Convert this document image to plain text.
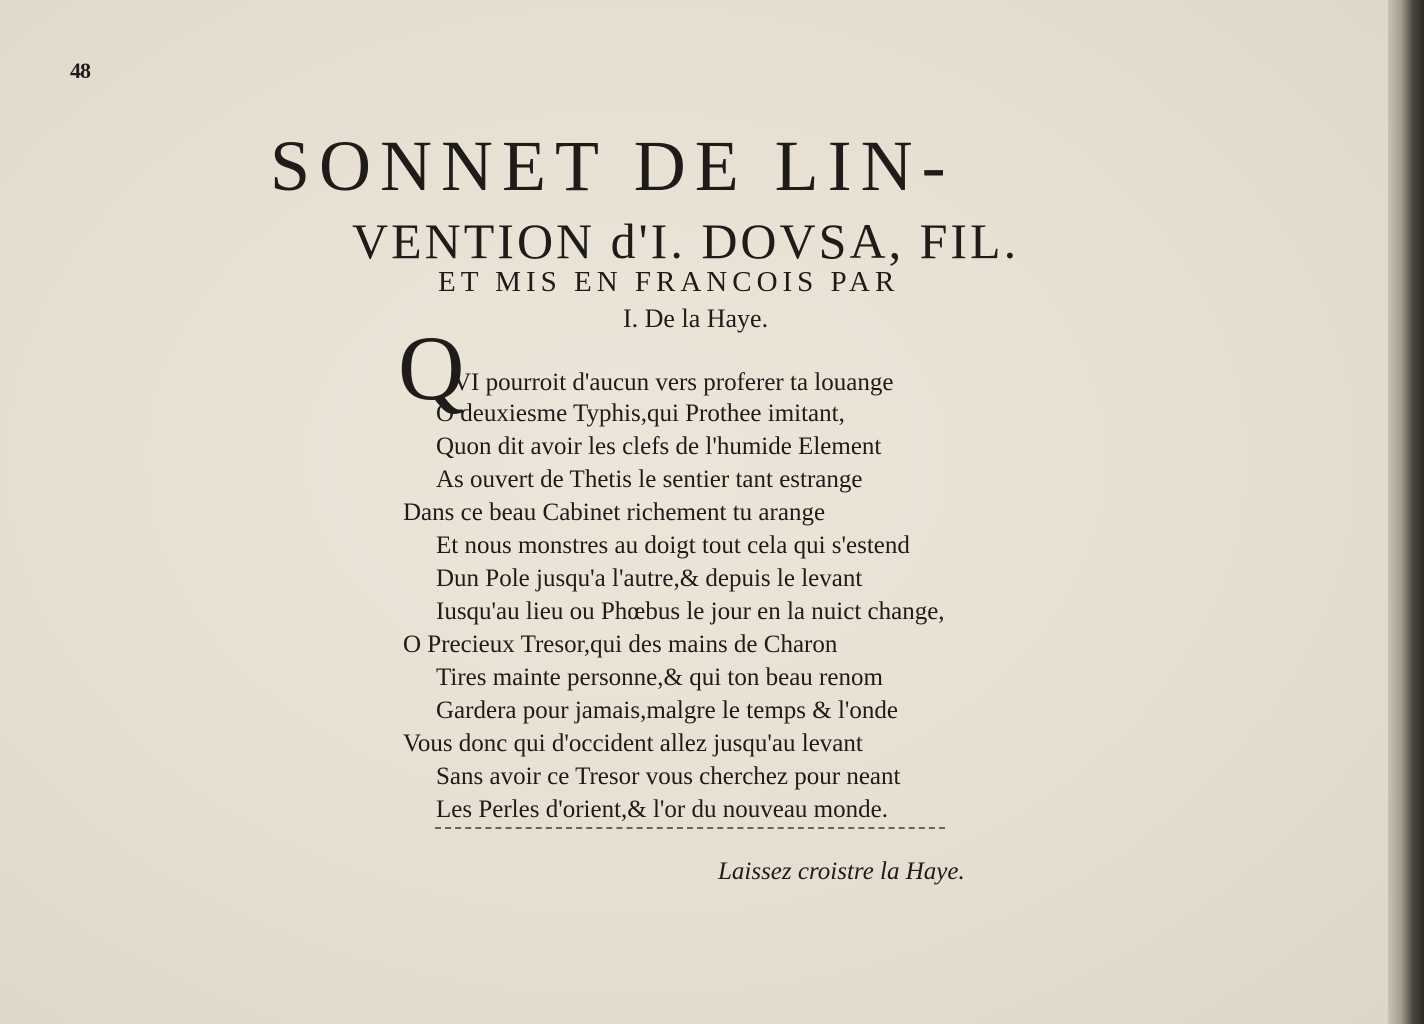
48
SONNET DE LIN-
VENTION d'I. DOVSA, FIL.
ET MIS EN FRANCOIS PAR
I. De la Haye.
Q
VI pourroit d'aucun vers proferer ta louange
O deuxiesme Typhis,qui Prothee imitant,
Quon dit avoir les clefs de l'humide Element
As ouvert de Thetis le sentier tant estrange
Dans ce beau Cabinet richement tu arange
Et nous monstres au doigt tout cela qui s'estend
Dun Pole jusqu'a l'autre,& depuis le levant
Iusqu'au lieu ou Phœbus le jour en la nuict change,
O Precieux Tresor,qui des mains de Charon
Tires mainte personne,& qui ton beau renom
Gardera pour jamais,malgre le temps & l'onde
Vous donc qui d'occident allez jusqu'au levant
Sans avoir ce Tresor vous cherchez pour neant
Les Perles d'orient,& l'or du nouveau monde.
Laissez croistre la Haye.
